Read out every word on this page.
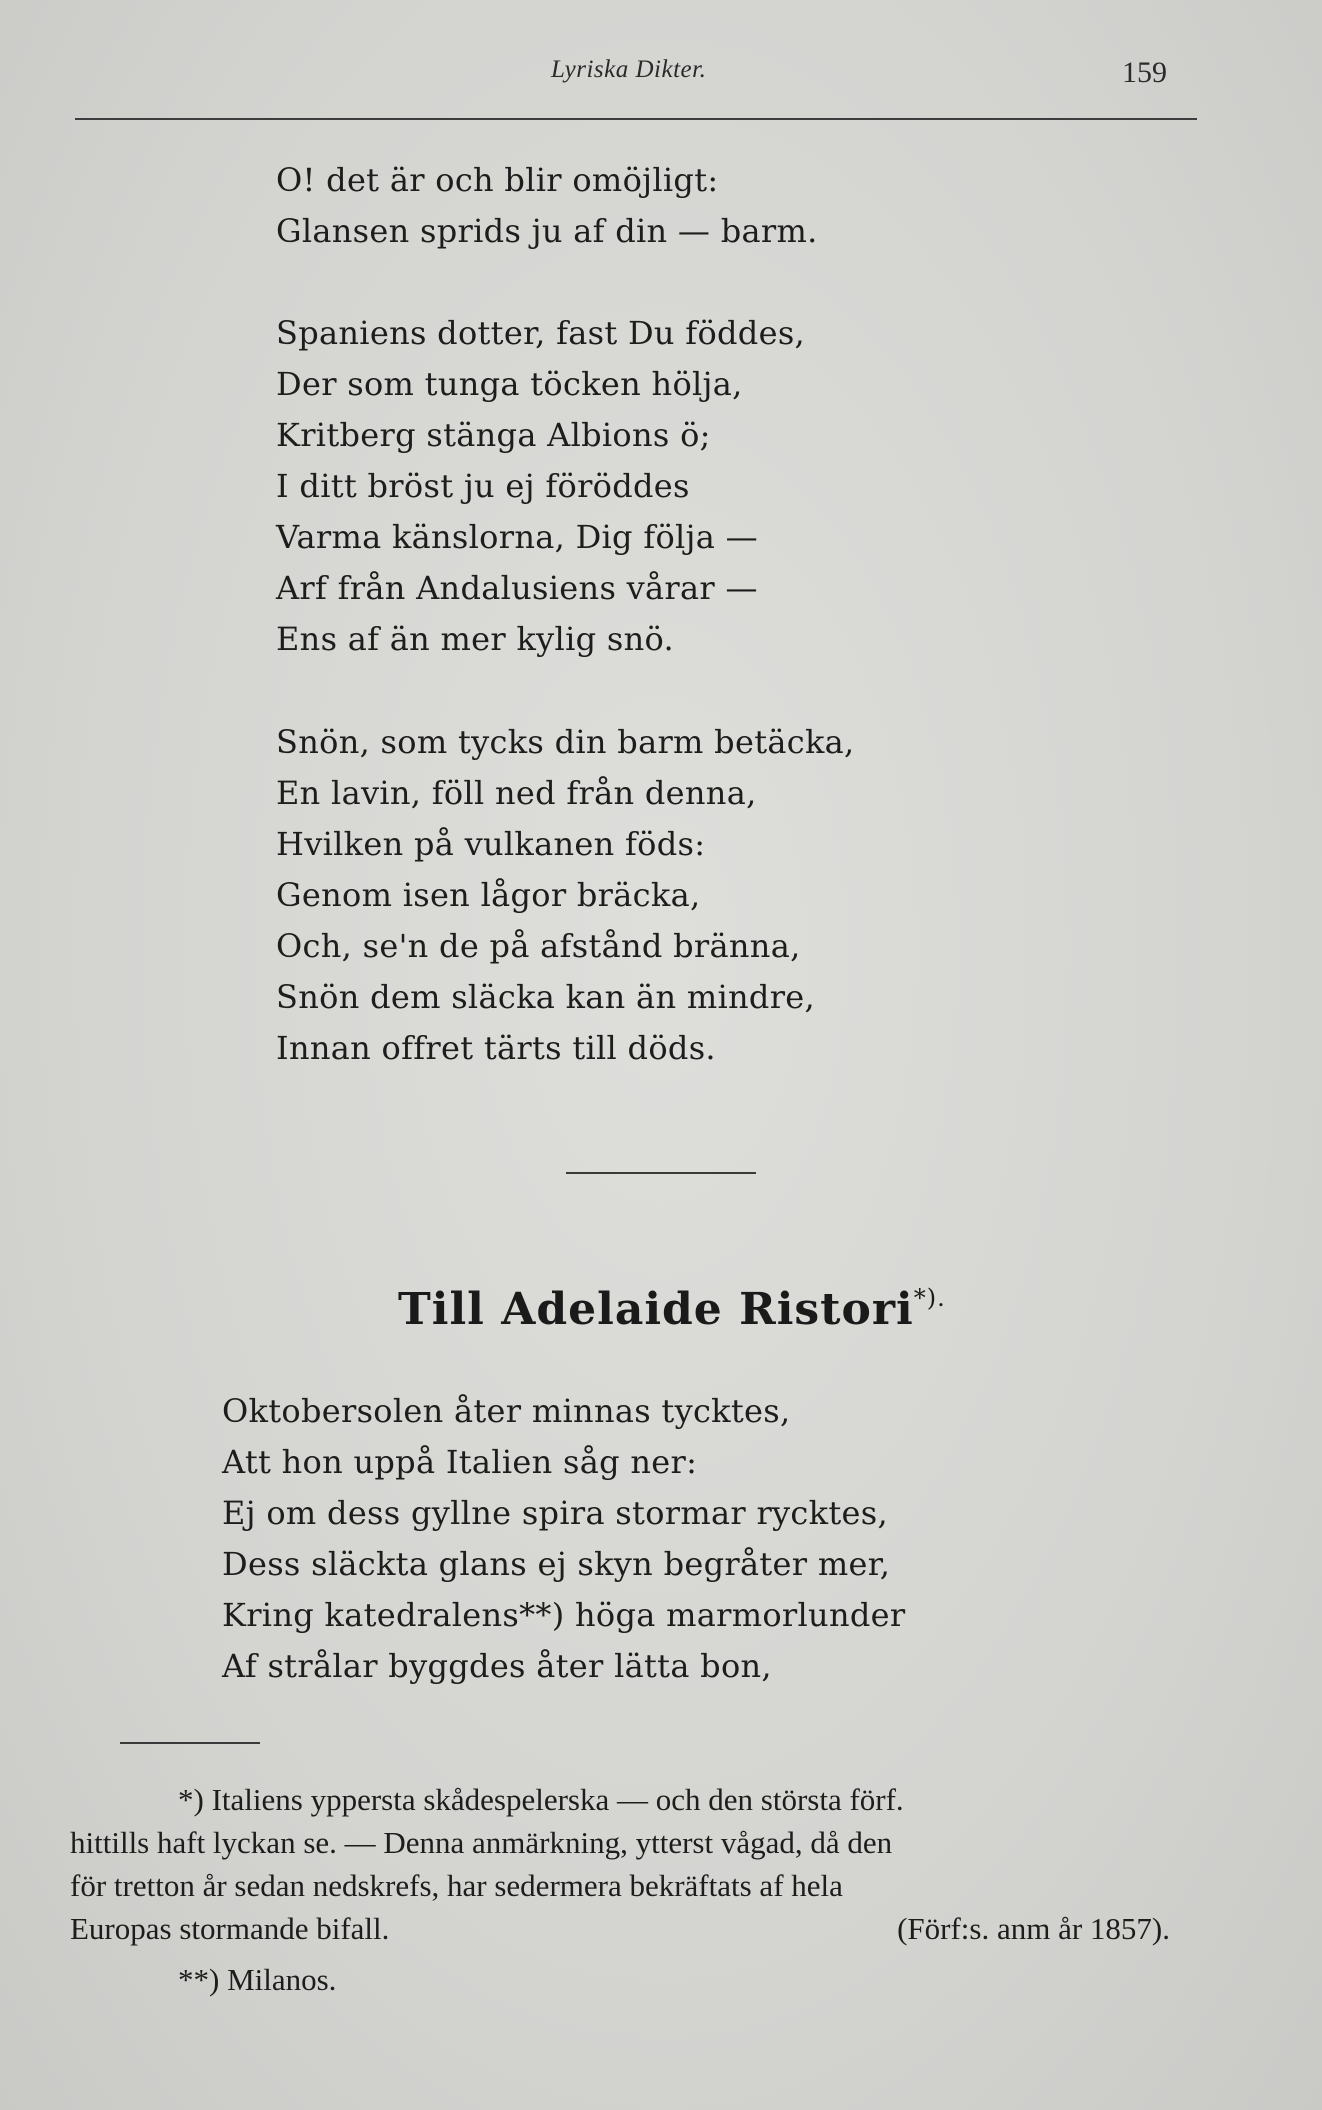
Lyriska Dikter.	159
O! det är och blir omöjligt:
Glansen sprids ju af din — barm.
Spaniens dotter, fast Du föddes,
Der som tunga töcken hölja,
Kritberg stänga Albions ö;
I ditt bröst ju ej föröddes
Varma känslorna, Dig följa —
Arf från Andalusiens vårar —
Ens af än mer kylig snö.
Snön, som tycks din barm betäcka,
En lavin, föll ned från denna,
Hvilken på vulkanen föds:
Genom isen lågor bräcka,
Och, se'n de på afstånd bränna,
Snön dem släcka kan än mindre,
Innan offret tärts till döds.
Till Adelaide Ristori*).
Oktobersolen åter minnas tycktes,
Att hon uppå Italien såg ner:
Ej om dess gyllne spira stormar rycktes,
Dess släckta glans ej skyn begråter mer,
Kring katedralens**) höga marmorlunder
Af strålar byggdes åter lätta bon,
*) Italiens yppersta skådespelerska — och den största förf.
hittills haft lyckan se. — Denna anmärkning, ytterst vågad, då den
för tretton år sedan nedskrefs, har sedermera bekräftats af hela
Europas stormande bifall.	(Förf:s. anm år 1857).
**) Milanos.
